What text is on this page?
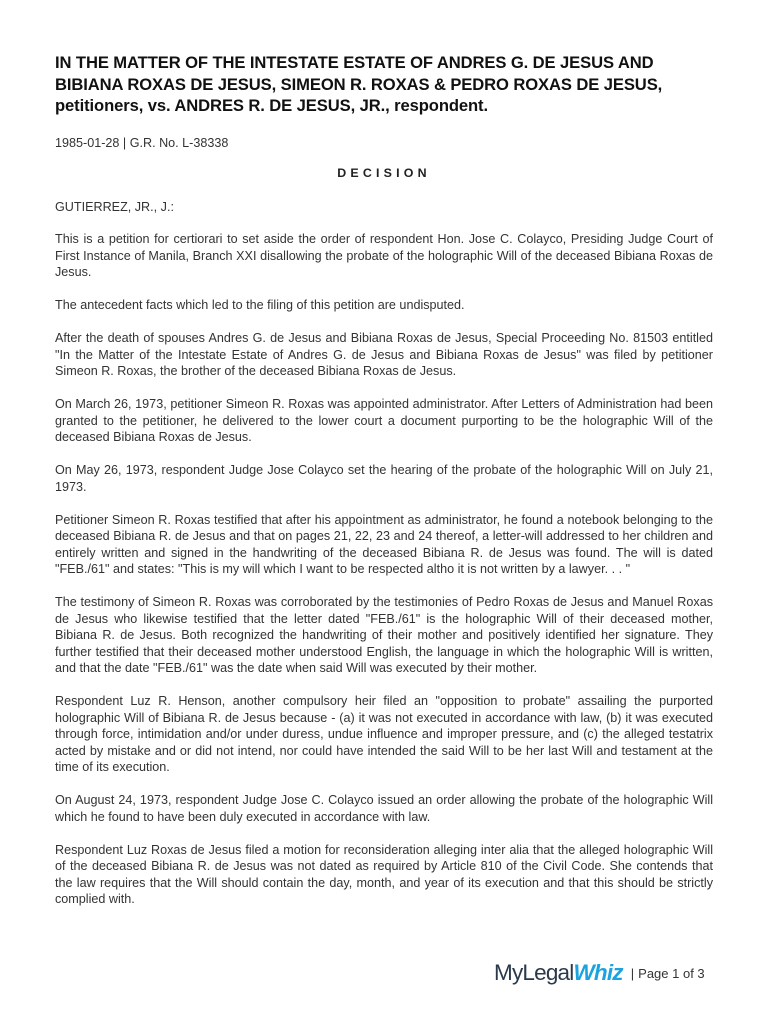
IN THE MATTER OF THE INTESTATE ESTATE OF ANDRES G. DE JESUS AND BIBIANA ROXAS DE JESUS, SIMEON R. ROXAS & PEDRO ROXAS DE JESUS, petitioners, vs. ANDRES R. DE JESUS, JR., respondent.
1985-01-28 | G.R. No. L-38338
DECISION
GUTIERREZ, JR., J.:

This is a petition for certiorari to set aside the order of respondent Hon. Jose C. Colayco, Presiding Judge Court of First Instance of Manila, Branch XXI disallowing the probate of the holographic Will of the deceased Bibiana Roxas de Jesus.

The antecedent facts which led to the filing of this petition are undisputed.

After the death of spouses Andres G. de Jesus and Bibiana Roxas de Jesus, Special Proceeding No. 81503 entitled "In the Matter of the Intestate Estate of Andres G. de Jesus and Bibiana Roxas de Jesus" was filed by petitioner Simeon R. Roxas, the brother of the deceased Bibiana Roxas de Jesus.

On March 26, 1973, petitioner Simeon R. Roxas was appointed administrator. After Letters of Administration had been granted to the petitioner, he delivered to the lower court a document purporting to be the holographic Will of the deceased Bibiana Roxas de Jesus.

On May 26, 1973, respondent Judge Jose Colayco set the hearing of the probate of the holographic Will on July 21, 1973.

Petitioner Simeon R. Roxas testified that after his appointment as administrator, he found a notebook belonging to the deceased Bibiana R. de Jesus and that on pages 21, 22, 23 and 24 thereof, a letter-will addressed to her children and entirely written and signed in the handwriting of the deceased Bibiana R. de Jesus was found. The will is dated "FEB./61" and states: "This is my will which I want to be respected altho it is not written by a lawyer. . . "

The testimony of Simeon R. Roxas was corroborated by the testimonies of Pedro Roxas de Jesus and Manuel Roxas de Jesus who likewise testified that the letter dated "FEB./61" is the holographic Will of their deceased mother, Bibiana R. de Jesus. Both recognized the handwriting of their mother and positively identified her signature. They further testified that their deceased mother understood English, the language in which the holographic Will is written, and that the date "FEB./61" was the date when said Will was executed by their mother.

Respondent Luz R. Henson, another compulsory heir filed an "opposition to probate" assailing the purported holographic Will of Bibiana R. de Jesus because - (a) it was not executed in accordance with law, (b) it was executed through force, intimidation and/or under duress, undue influence and improper pressure, and (c) the alleged testatrix acted by mistake and or did not intend, nor could have intended the said Will to be her last Will and testament at the time of its execution.

On August 24, 1973, respondent Judge Jose C. Colayco issued an order allowing the probate of the holographic Will which he found to have been duly executed in accordance with law.

Respondent Luz Roxas de Jesus filed a motion for reconsideration alleging inter alia that the alleged holographic Will of the deceased Bibiana R. de Jesus was not dated as required by Article 810 of the Civil Code. She contends that the law requires that the Will should contain the day, month, and year of its execution and that this should be strictly complied with.

My Legal Whiz | Page 1 of 3
